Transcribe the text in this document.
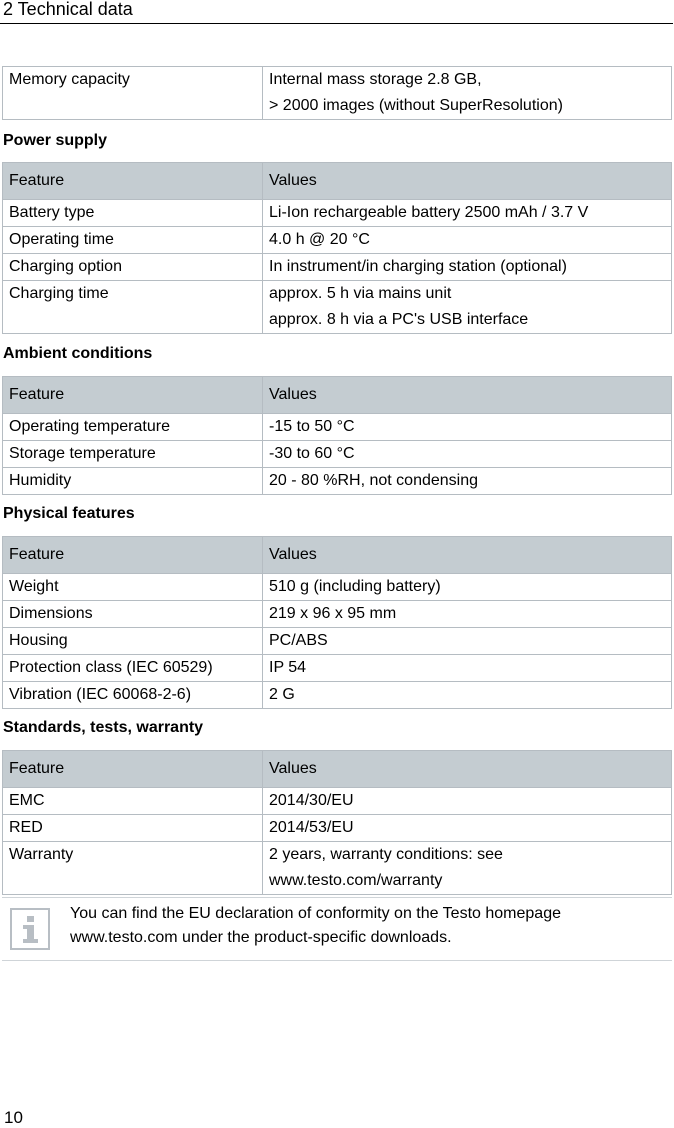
2 Technical data
Memory capacity	Internal mass storage 2.8 GB,
> 2000 images (without SuperResolution)
Power supply
Feature	Values
Battery type	Li-Ion rechargeable battery 2500 mAh / 3.7 V
Operating time	4.0 h @ 20 °C
Charging option	In instrument/in charging station (optional)
Charging time	approx. 5 h via mains unit
approx. 8 h via a PC's USB interface
Ambient conditions
Feature	Values
Operating temperature	-15 to 50 °C
Storage temperature	-30 to 60 °C
Humidity	20 - 80 %RH, not condensing
Physical features
Feature	Values
Weight	510 g (including battery)
Dimensions	219 x 96 x 95 mm
Housing	PC/ABS
Protection class (IEC 60529)	IP 54
Vibration (IEC 60068-2-6)	2 G
Standards, tests, warranty
Feature	Values
EMC	2014/30/EU
RED	2014/53/EU
Warranty	2 years, warranty conditions: see
www.testo.com/warranty
You can find the EU declaration of conformity on the Testo homepage
www.testo.com under the product-specific downloads.
10
